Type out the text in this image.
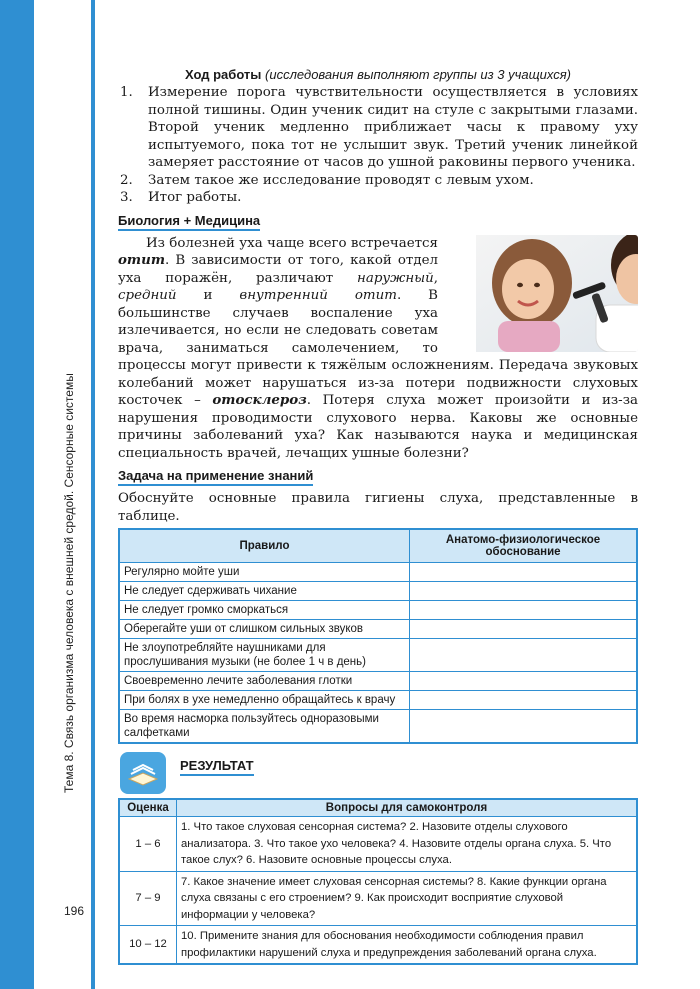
Тема 8. Связь организма человека с внешней средой. Сенсорные системы
196
Ход работы (исследования выполняют группы из 3 учащихся)
1. Измерение порога чувствительности осуществляется в условиях полной тишины. Один ученик сидит на стуле с закрытыми глазами. Второй ученик медленно приближает часы к правому уху испытуемого, пока тот не услышит звук. Третий ученик линейкой замеряет расстояние от часов до ушной раковины первого ученика.
2. Затем такое же исследование проводят с левым ухом.
3. Итог работы.
Биология + Медицина
Из болезней уха чаще всего встречается отит. В зависимости от того, какой отдел уха поражён, различают наружный, средний и внутренний отит. В большинстве случаев воспаление уха излечивается, но если не следовать советам врача, заниматься самолечением, то процессы могут привести к тяжёлым осложнениям. Передача звуковых колебаний может нарушаться из-за потери подвижности слуховых косточек – отосклероз. Потеря слуха может произойти и из-за нарушения проводимости слухового нерва. Каковы же основные причины заболеваний уха? Как называются наука и медицинская специальность врачей, лечащих ушные болезни?
Задача на применение знаний
Обоснуйте основные правила гигиены слуха, представленные в таблице.
Правило	Анатомо-физиологическое обоснование
Регулярно мойте уши	
Не следует сдерживать чихание	
Не следует громко сморкаться	
Оберегайте уши от слишком сильных звуков	
Не злоупотребляйте наушниками для прослушивания музыки (не более 1 ч в день)	
Своевременно лечите заболевания глотки	
При болях в ухе немедленно обращайтесь к врачу	
Во время насморка пользуйтесь одноразовыми салфетками	
РЕЗУЛЬТАТ
Оценка	Вопросы для самоконтроля
1 – 6	1. Что такое слуховая сенсорная система? 2. Назовите отделы слухового анализатора. 3. Что такое ухо человека? 4. Назовите отделы органа слуха. 5. Что такое слух? 6. Назовите основные процессы слуха.
7 – 9	7. Какое значение имеет слуховая сенсорная системы? 8. Какие функции органа слуха связаны с его строением? 9. Как происходит восприятие слуховой информации у человека?
10 – 12	10. Примените знания для обоснования необходимости соблюдения правил профилактики нарушений слуха и предупреждения заболеваний органа слуха.
